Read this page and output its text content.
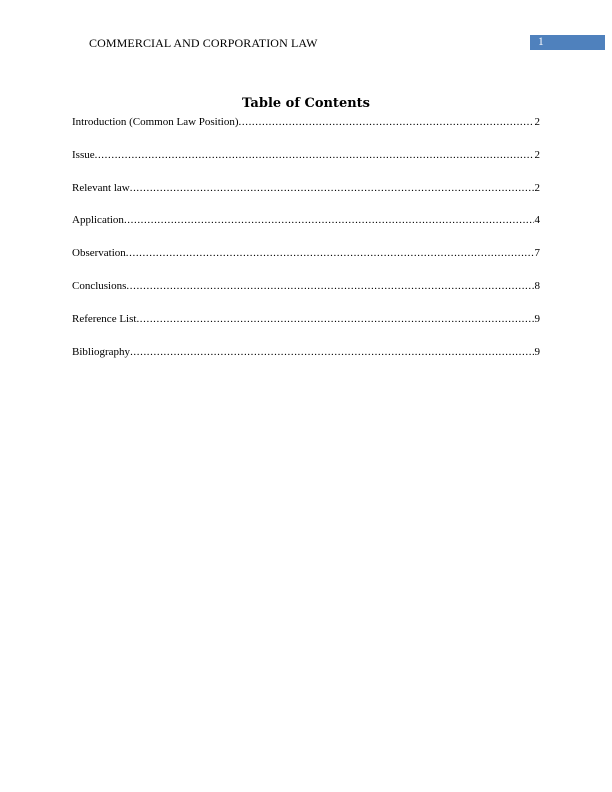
COMMERCIAL AND CORPORATION LAW	1
Table of Contents
Introduction (Common Law Position) .....	2
Issue .....	2
Relevant law .....	2
Application .....	4
Observation .....	7
Conclusions .....	8
Reference List .....	9
Bibliography .....	9
